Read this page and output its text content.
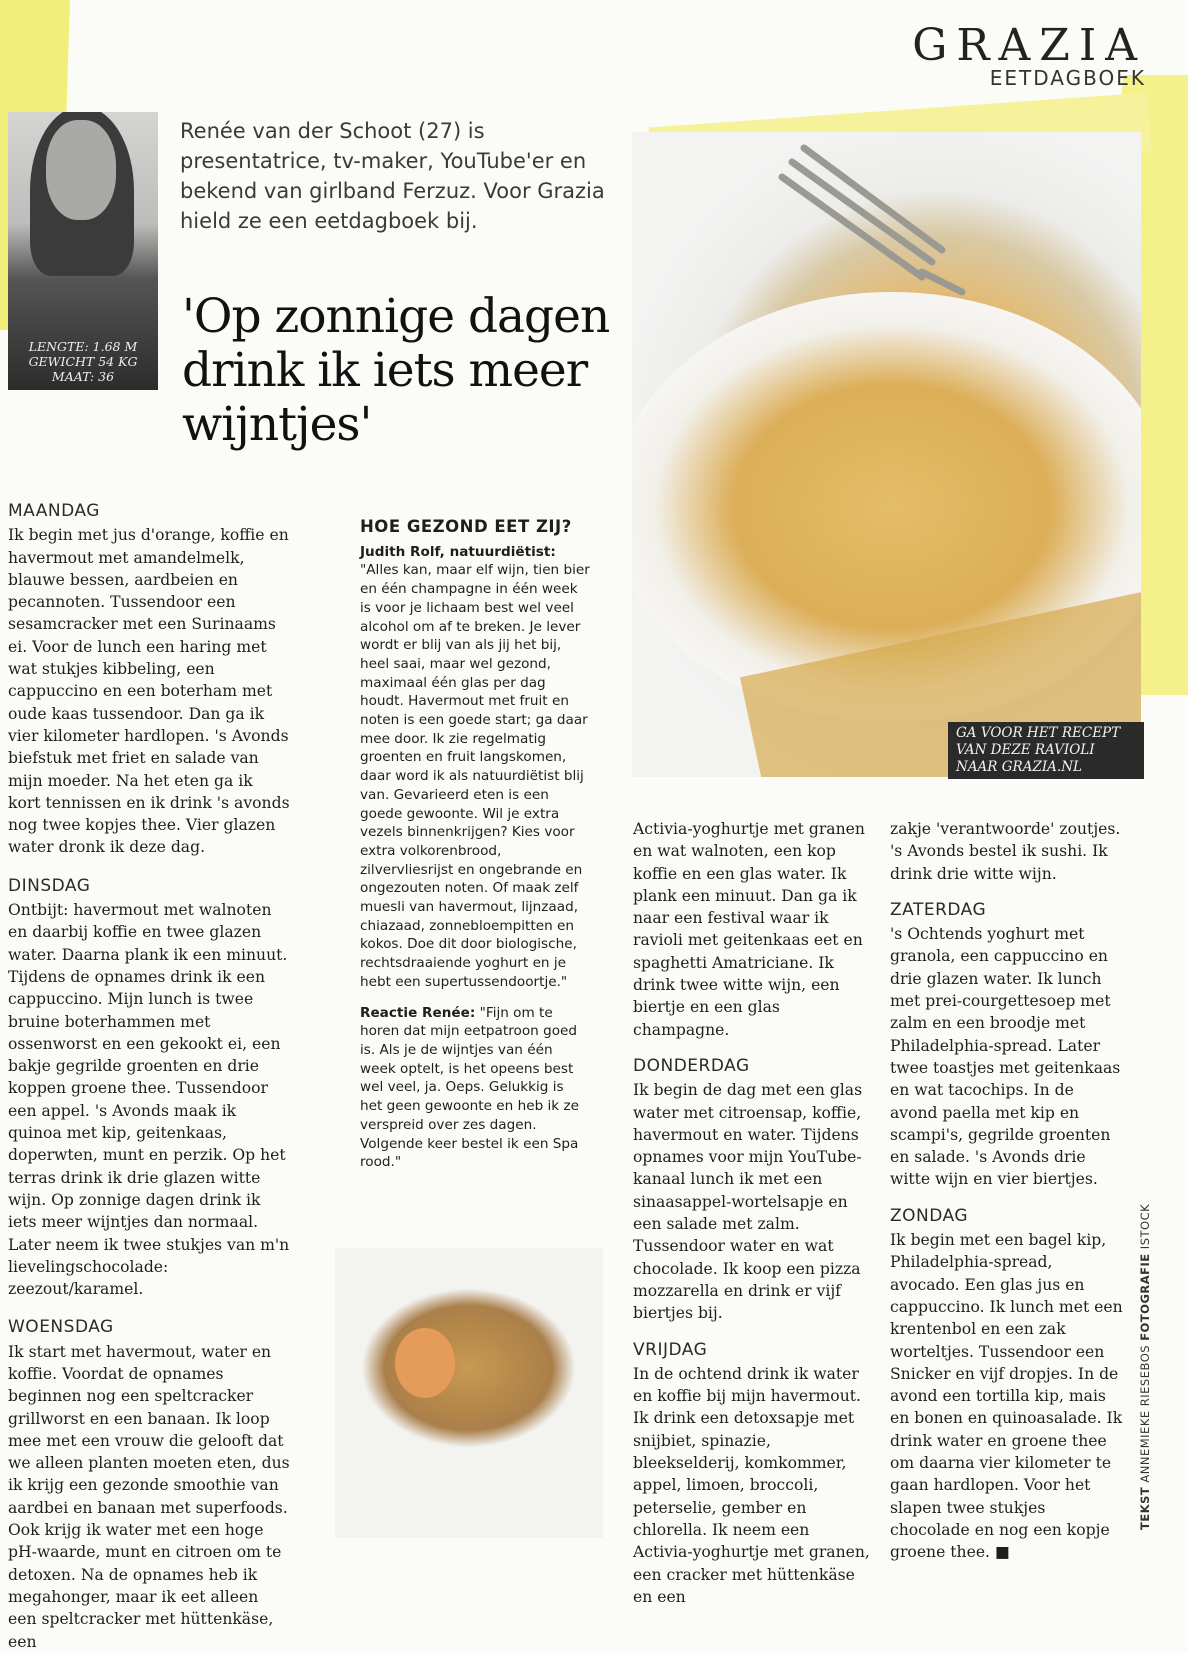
GRAZIA
EETDAGBOEK
LENGTE: 1.68 M
GEWICHT 54 KG
MAAT: 36
Renée van der Schoot (27) is presentatrice, tv-maker, YouTube'er en bekend van girlband Ferzuz. Voor Grazia hield ze een eetdagboek bij.
'Op zonnige dagen drink ik iets meer wijntjes'
GA VOOR HET RECEPT VAN DEZE RAVIOLI NAAR GRAZIA.NL
MAANDAG

Ik begin met jus d'orange, koffie en havermout met amandelmelk, blauwe bessen, aardbeien en pecannoten. Tussendoor een sesamcracker met een Surinaams ei. Voor de lunch een haring met wat stukjes kibbeling, een cappuccino en een boterham met oude kaas tussendoor. Dan ga ik vier kilometer hardlopen. 's Avonds biefstuk met friet en salade van mijn moeder. Na het eten ga ik kort tennissen en ik drink 's avonds nog twee kopjes thee. Vier glazen water dronk ik deze dag.

DINSDAG

Ontbijt: havermout met walnoten en daarbij koffie en twee glazen water. Daarna plank ik een minuut. Tijdens de opnames drink ik een cappuccino. Mijn lunch is twee bruine boterhammen met ossenworst en een gekookt ei, een bakje gegrilde groenten en drie koppen groene thee. Tussendoor een appel. 's Avonds maak ik quinoa met kip, geitenkaas, doperwten, munt en perzik. Op het terras drink ik drie glazen witte wijn. Op zonnige dagen drink ik iets meer wijntjes dan normaal. Later neem ik twee stukjes van m'n lievelingschocolade: zeezout/karamel.

WOENSDAG

Ik start met havermout, water en koffie. Voordat de opnames beginnen nog een speltcracker grillworst en een banaan. Ik loop mee met een vrouw die gelooft dat we alleen planten moeten eten, dus ik krijg een gezonde smoothie van aardbei en banaan met superfoods. Ook krijg ik water met een hoge pH-waarde, munt en citroen om te detoxen. Na de opnames heb ik megahonger, maar ik eet alleen een speltcracker met hüttenkäse, een

HOE GEZOND EET ZIJ?

Judith Rolf, natuurdiëtist:
"Alles kan, maar elf wijn, tien bier en één champagne in één week is voor je lichaam best wel veel alcohol om af te breken. Je lever wordt er blij van als jij het bij, heel saai, maar wel gezond, maximaal één glas per dag houdt. Havermout met fruit en noten is een goede start; ga daar mee door. Ik zie regelmatig groenten en fruit langskomen, daar word ik als natuurdiëtist blij van. Gevarieerd eten is een goede gewoonte. Wil je extra vezels binnenkrijgen? Kies voor extra volkorenbrood, zilvervliesrijst en ongebrande en ongezouten noten. Of maak zelf muesli van havermout, lijnzaad, chiazaad, zonnebloempitten en kokos. Doe dit door biologische, rechtsdraaiende yoghurt en je hebt een supertussendoortje."

Reactie Renée: "Fijn om te horen dat mijn eetpatroon goed is. Als je de wijntjes van één week optelt, is het opeens best wel veel, ja. Oeps. Gelukkig is het geen gewoonte en heb ik ze verspreid over zes dagen. Volgende keer bestel ik een Spa rood."

Activia-yoghurtje met granen en wat walnoten, een kop koffie en een glas water. Ik plank een minuut. Dan ga ik naar een festival waar ik ravioli met geitenkaas eet en spaghetti Amatriciane. Ik drink twee witte wijn, een biertje en een glas champagne.

DONDERDAG

Ik begin de dag met een glas water met citroensap, koffie, havermout en water. Tijdens opnames voor mijn YouTube-kanaal lunch ik met een sinaasappel-wortelsapje en een salade met zalm. Tussendoor water en wat chocolade. Ik koop een pizza mozzarella en drink er vijf biertjes bij.

VRIJDAG

In de ochtend drink ik water en koffie bij mijn havermout. Ik drink een detoxsapje met snijbiet, spinazie, bleekselderij, komkommer, appel, limoen, broccoli, peterselie, gember en chlorella. Ik neem een Activia-yoghurtje met granen, een cracker met hüttenkäse en een

zakje 'verantwoorde' zoutjes. 's Avonds bestel ik sushi. Ik drink drie witte wijn.

ZATERDAG

's Ochtends yoghurt met granola, een cappuccino en drie glazen water. Ik lunch met prei-courgettesoep met zalm en een broodje met Philadelphia-spread. Later twee toastjes met geitenkaas en wat tacochips. In de avond paella met kip en scampi's, gegrilde groenten en salade. 's Avonds drie witte wijn en vier biertjes.

ZONDAG

Ik begin met een bagel kip, Philadelphia-spread, avocado. Een glas jus en cappuccino. Ik lunch met een krentenbol en een zak worteltjes. Tussendoor een Snicker en vijf dropjes. In de avond een tortilla kip, mais en bonen en quinoasalade. Ik drink water en groene thee om daarna vier kilometer te gaan hardlopen. Voor het slapen twee stukjes chocolade en nog een kopje groene thee. ■

TEKST ANNEMIEKE RIESEBOS FOTOGRAFIE ISTOCK
